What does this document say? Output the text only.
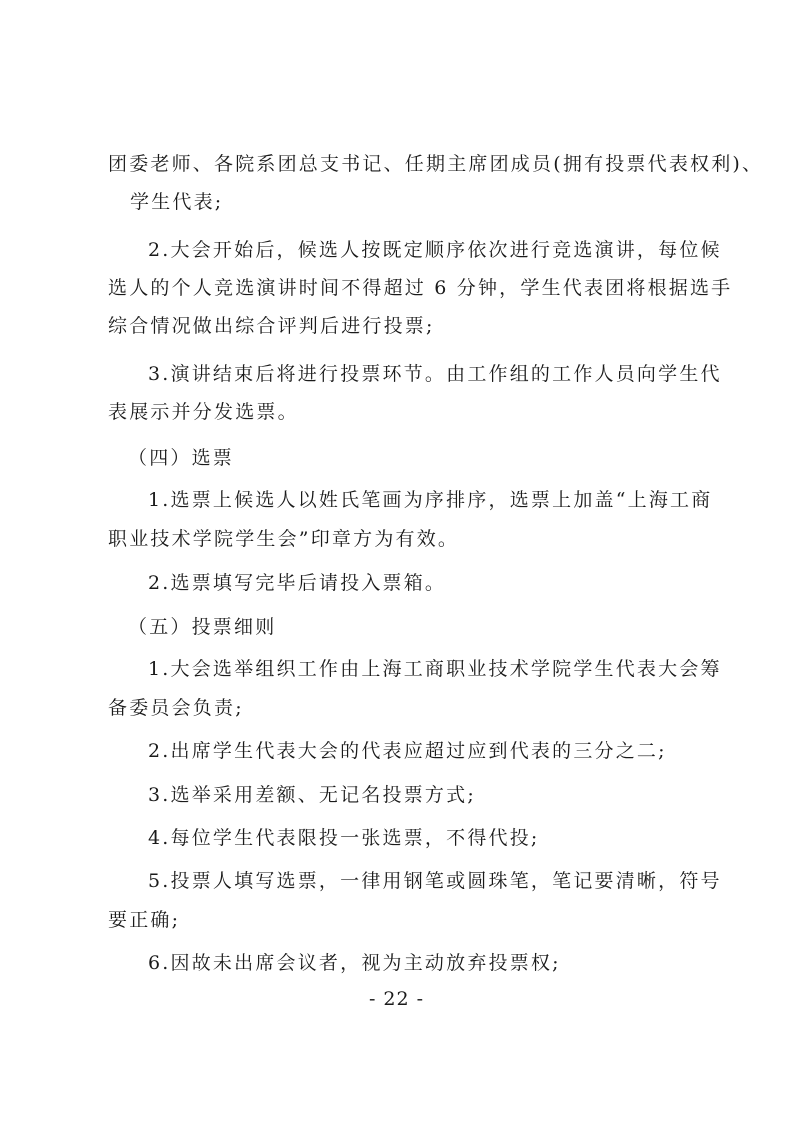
团委老师、各院系团总支书记、任期主席团成员(拥有投票代表权利)、
学生代表;
2.大会开始后，候选人按既定顺序依次进行竞选演讲，每位候
选人的个人竞选演讲时间不得超过 6 分钟，学生代表团将根据选手
综合情况做出综合评判后进行投票;
3.演讲结束后将进行投票环节。由工作组的工作人员向学生代
表展示并分发选票。
（四）选票
1.选票上候选人以姓氏笔画为序排序，选票上加盖“上海工商
职业技术学院学生会”印章方为有效。
2.选票填写完毕后请投入票箱。
（五）投票细则
1.大会选举组织工作由上海工商职业技术学院学生代表大会筹
备委员会负责;
2.出席学生代表大会的代表应超过应到代表的三分之二;
3.选举采用差额、无记名投票方式;
4.每位学生代表限投一张选票，不得代投;
5.投票人填写选票，一律用钢笔或圆珠笔，笔记要清晰，符号
要正确;
6.因故未出席会议者，视为主动放弃投票权;
- 22 -
